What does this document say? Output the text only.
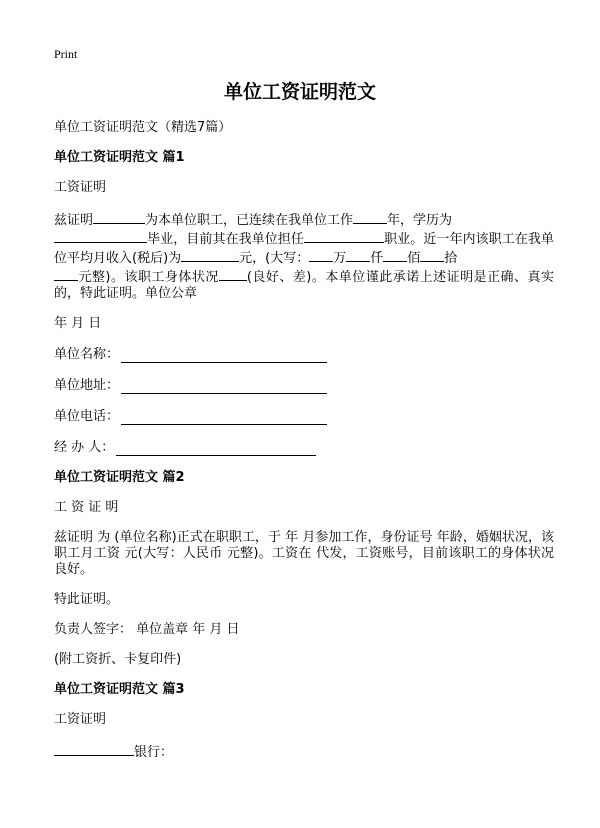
Print
单位工资证明范文

单位工资证明范文（精选7篇）

单位工资证明范文 篇1

工资证明

兹证明	为本单位职工，已连续在我单位工作	年，学历为
毕业，目前其在我单位担任	职业。近一年内该职工在我单位平均月收入(税后)为	元，(大写： 万 仟 佰 拾
元整)。该职工身体状况 (良好、差)。本单位谨此承诺上述证明是正确、真实的，特此证明。单位公章

年 月 日

单位名称：
单位地址：
单位电话：
经 办 人：

单位工资证明范文 篇2

工 资 证 明

兹证明 为 (单位名称)正式在职职工，于 年 月参加工作，身份证号 年龄，婚姻状况，该职工月工资 元(大写：人民币 元整)。工资在 代发，工资账号，目前该职工的身体状况良好。

特此证明。

负责人签字： 单位盖章 年 月 日

(附工资折、卡复印件)

单位工资证明范文 篇3

工资证明

银行：
